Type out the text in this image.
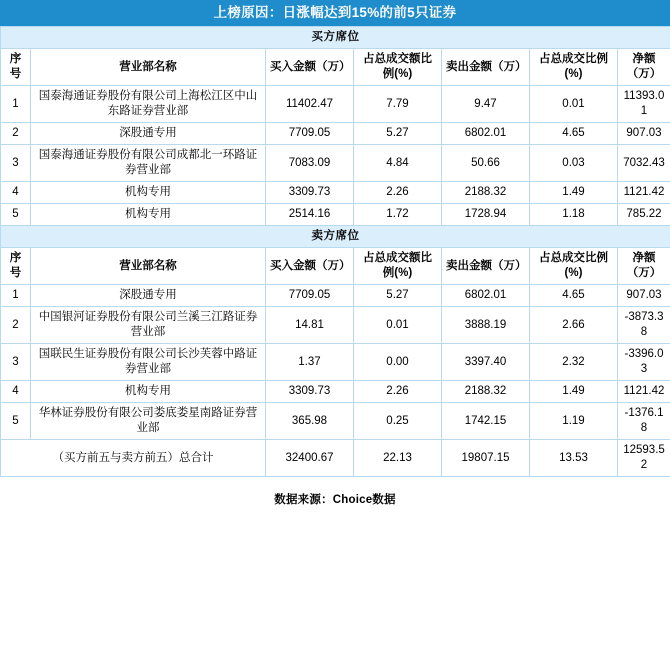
上榜原因：日涨幅达到15%的前5只证券
买方席位						
序号	营业部名称	买入金额（万）	占总成交额比例(%)	卖出金额（万）	占总成交比例(%)	净额（万）
1	国泰海通证券股份有限公司上海松江区中山东路证券营业部	11402.47	7.79	9.47	0.01	11393.01
2	深股通专用	7709.05	5.27	6802.01	4.65	907.03
3	国泰海通证券股份有限公司成都北一环路证券营业部	7083.09	4.84	50.66	0.03	7032.43
4	机构专用	3309.73	2.26	2188.32	1.49	1121.42
5	机构专用	2514.16	1.72	1728.94	1.18	785.22
卖方席位						
序号	营业部名称	买入金额（万）	占总成交额比例(%)	卖出金额（万）	占总成交比例(%)	净额（万）
1	深股通专用	7709.05	5.27	6802.01	4.65	907.03
2	中国银河证券股份有限公司兰溪三江路证券营业部	14.81	0.01	3888.19	2.66	-3873.38
3	国联民生证券股份有限公司长沙芙蓉中路证券营业部	1.37	0.00	3397.40	2.32	-3396.03
4	机构专用	3309.73	2.26	2188.32	1.49	1121.42
5	华林证券股份有限公司娄底娄星南路证券营业部	365.98	0.25	1742.15	1.19	-1376.18
（买方前五与卖方前五）总合计		32400.67	22.13	19807.15	13.53	12593.52
数据来源：Choice数据
